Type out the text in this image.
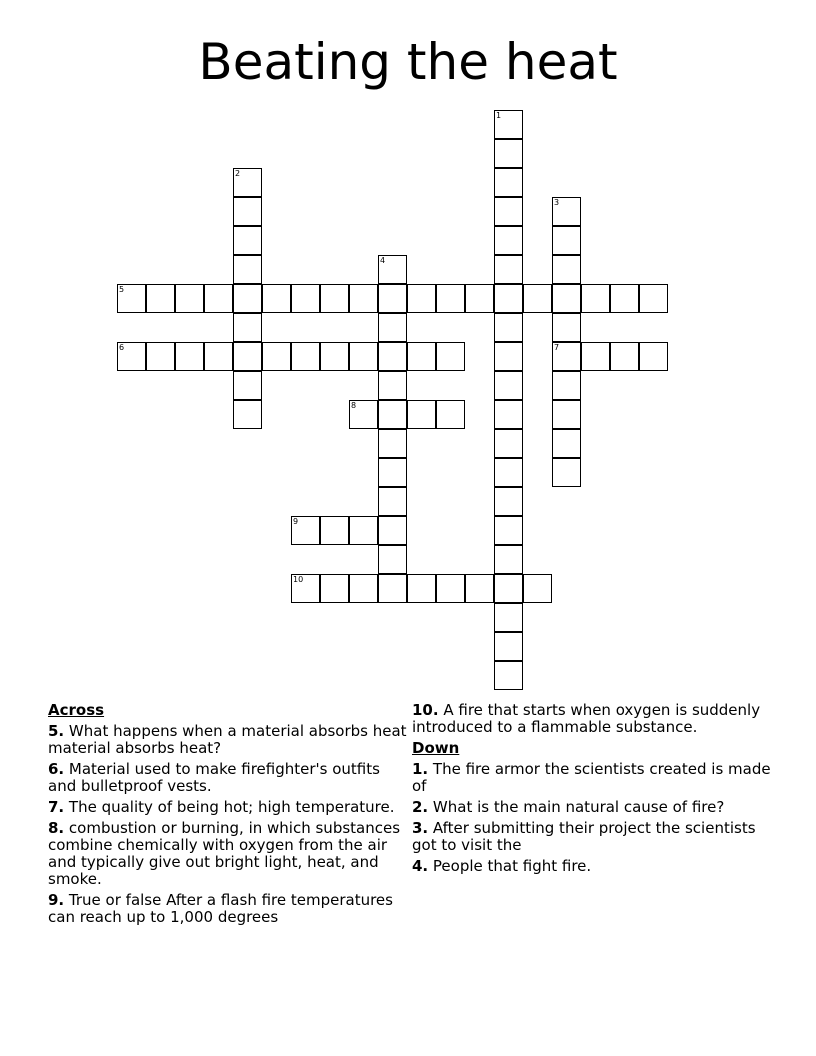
Beating the heat
1
2
3
7
4
5
6
8
9
10
Across
5. What happens when a material absorbs heat material absorbs heat?
6. Material used to make firefighter's outfits and bulletproof vests.
7. The quality of being hot; high temperature.
8. combustion or burning, in which substances combine chemically with oxygen from the air and typically give out bright light, heat, and smoke.
9. True or false After a flash fire temperatures can reach up to 1,000 degrees
10. A fire that starts when oxygen is suddenly introduced to a flammable substance.
Down
1. The fire armor the scientists created is made of
2. What is the main natural cause of fire?
3. After submitting their project the scientists got to visit the
4. People that fight fire.
